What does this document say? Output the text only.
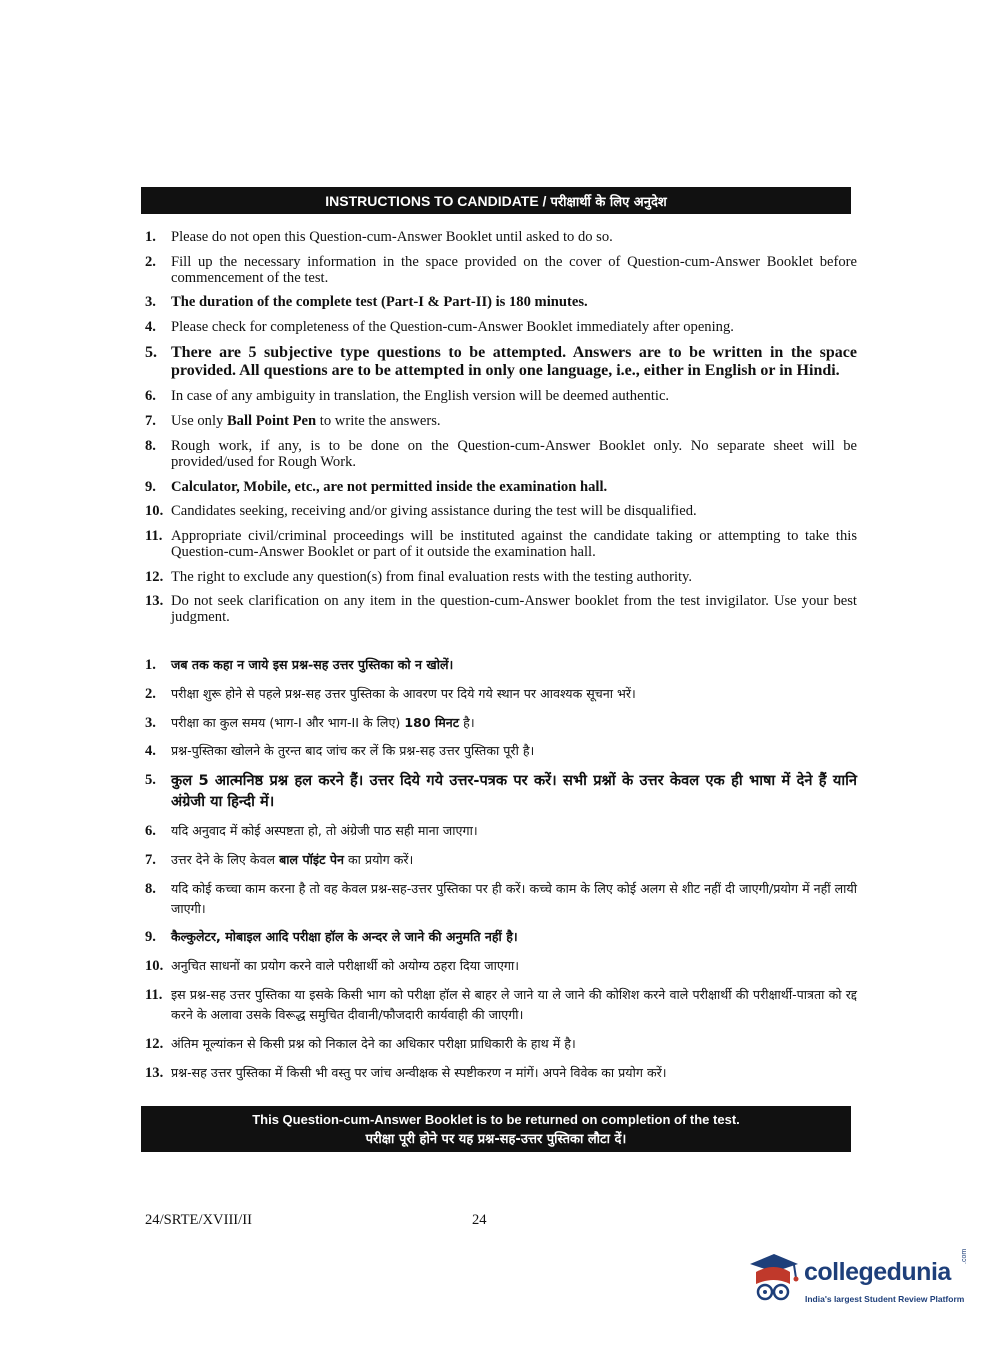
INSTRUCTIONS TO CANDIDATE / परीक्षार्थी के लिए अनुदेश
1. Please do not open this Question-cum-Answer Booklet until asked to do so.
2. Fill up the necessary information in the space provided on the cover of Question-cum-Answer Booklet before commencement of the test.
3. The duration of the complete test (Part-I & Part-II) is 180 minutes.
4. Please check for completeness of the Question-cum-Answer Booklet immediately after opening.
5. There are 5 subjective type questions to be attempted. Answers are to be written in the space provided. All questions are to be attempted in only one language, i.e., either in English or in Hindi.
6. In case of any ambiguity in translation, the English version will be deemed authentic.
7. Use only Ball Point Pen to write the answers.
8. Rough work, if any, is to be done on the Question-cum-Answer Booklet only. No separate sheet will be provided/used for Rough Work.
9. Calculator, Mobile, etc., are not permitted inside the examination hall.
10. Candidates seeking, receiving and/or giving assistance during the test will be disqualified.
11. Appropriate civil/criminal proceedings will be instituted against the candidate taking or attempting to take this Question-cum-Answer Booklet or part of it outside the examination hall.
12. The right to exclude any question(s) from final evaluation rests with the testing authority.
13. Do not seek clarification on any item in the question-cum-Answer booklet from the test invigilator. Use your best judgment.
1. जब तक कहा न जाये इस प्रश्न-सह उत्तर पुस्तिका को न खोलें।
2. परीक्षा शुरू होने से पहले प्रश्न-सह उत्तर पुस्तिका के आवरण पर दिये गये स्थान पर आवश्यक सूचना भरें।
3. परीक्षा का कुल समय (भाग-I और भाग-II के लिए) 180 मिनट है।
4. प्रश्न-पुस्तिका खोलने के तुरन्त बाद जांच कर लें कि प्रश्न-सह उत्तर पुस्तिका पूरी है।
5. कुल 5 आत्मनिष्ठ प्रश्न हल करने हैं। उत्तर दिये गये उत्तर-पत्रक पर करें। सभी प्रश्नों के उत्तर केवल एक ही भाषा में देने हैं यानि अंग्रेजी या हिन्दी में।
6. यदि अनुवाद में कोई अस्पष्टता हो, तो अंग्रेजी पाठ सही माना जाएगा।
7. उत्तर देने के लिए केवल बाल पॉइंट पेन का प्रयोग करें।
8. यदि कोई कच्चा काम करना है तो वह केवल प्रश्न-सह-उत्तर पुस्तिका पर ही करें। कच्चे काम के लिए कोई अलग से शीट नहीं दी जाएगी/प्रयोग में नहीं लायी जाएगी।
9. कैल्कुलेटर, मोबाइल आदि परीक्षा हॉल के अन्दर ले जाने की अनुमति नहीं है।
10. अनुचित साधनों का प्रयोग करने वाले परीक्षार्थी को अयोग्य ठहरा दिया जाएगा।
11. इस प्रश्न-सह उत्तर पुस्तिका या इसके किसी भाग को परीक्षा हॉल से बाहर ले जाने या ले जाने की कोशिश करने वाले परीक्षार्थी की परीक्षार्थी-पात्रता को रद्द करने के अलावा उसके विरूद्ध समुचित दीवानी/फौजदारी कार्यवाही की जाएगी।
12. अंतिम मूल्यांकन से किसी प्रश्न को निकाल देने का अधिकार परीक्षा प्राधिकारी के हाथ में है।
13. प्रश्न-सह उत्तर पुस्तिका में किसी भी वस्तु पर जांच अन्वीक्षक से स्पष्टीकरण न मांगें। अपने विवेक का प्रयोग करें।
This Question-cum-Answer Booklet is to be returned on completion of the test.
परीक्षा पूरी होने पर यह प्रश्न-सह-उत्तर पुस्तिका लौटा दें।
24/SRTE/XVIII/II	24
collegedunia
.com
India's largest Student Review Platform
